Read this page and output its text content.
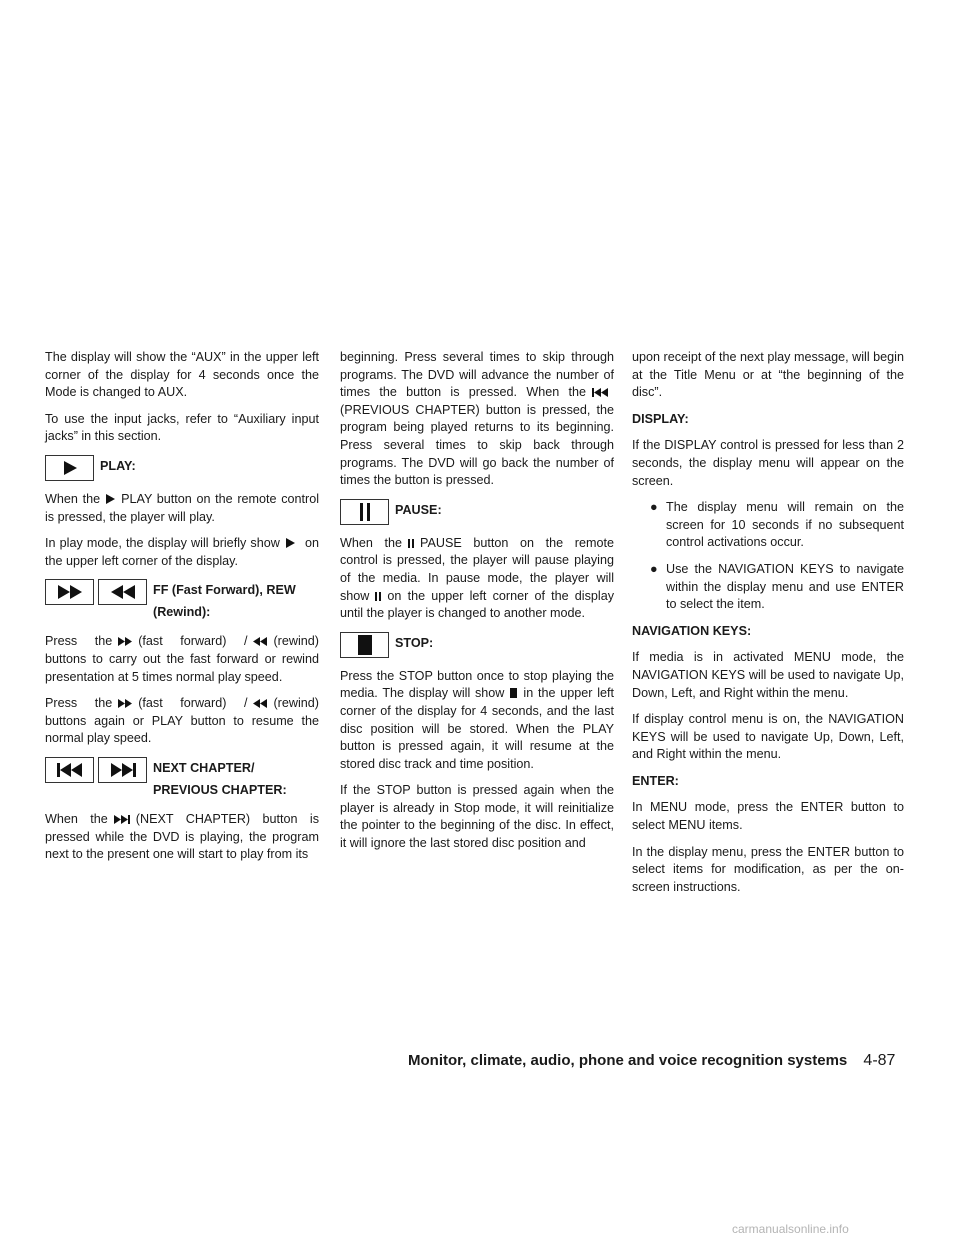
The display will show the “AUX” in the upper left corner of the display for 4 seconds once the Mode is changed to AUX.

To use the input jacks, refer to “Auxiliary input jacks” in this section.

PLAY:

When the PLAY button on the remote control is pressed, the player will play.

In play mode, the display will briefly show on the upper left corner of the display.

FF (Fast Forward), REW
(Rewind):

Press the (fast forward) / (rewind) buttons to carry out the fast forward or rewind presentation at 5 times normal play speed.

Press the (fast forward) / (rewind) buttons again or PLAY button to resume the normal play speed.

NEXT CHAPTER/
PREVIOUS CHAPTER:

When the (NEXT CHAPTER) button is pressed while the DVD is playing, the program next to the present one will start to play from its

beginning. Press several times to skip through programs. The DVD will advance the number of times the button is pressed. When the (PREVIOUS CHAPTER) button is pressed, the program being played returns to its beginning. Press several times to skip back through programs. The DVD will go back the number of times the button is pressed.

PAUSE:

When the PAUSE button on the remote control is pressed, the player will pause playing of the media. In pause mode, the player will show on the upper left corner of the display until the player is changed to another mode.

STOP:

Press the STOP button once to stop playing the media. The display will show in the upper left corner of the display for 4 seconds, and the last disc position will be stored. When the PLAY button is pressed again, it will resume at the stored disc track and time position.

If the STOP button is pressed again when the player is already in Stop mode, it will reinitialize the pointer to the beginning of the disc. In effect, it will ignore the last stored disc position and

upon receipt of the next play message, will begin at the Title Menu or at “the beginning of the disc”.

DISPLAY:

If the DISPLAY control is pressed for less than 2 seconds, the display menu will appear on the screen.

● The display menu will remain on the screen for 10 seconds if no subsequent control activations occur.
● Use the NAVIGATION KEYS to navigate within the display menu and use ENTER to select the item.
NAVIGATION KEYS:

If media is in activated MENU mode, the NAVIGATION KEYS will be used to navigate Up, Down, Left, and Right within the menu.

If display control menu is on, the NAVIGATION KEYS will be used to navigate Up, Down, Left, and Right within the menu.

ENTER:

In MENU mode, press the ENTER button to select MENU items.

In the display menu, press the ENTER button to select items for modification, as per the on-screen instructions.

Monitor, climate, audio, phone and voice recognition systems 4-87
carmanualsonline.info
